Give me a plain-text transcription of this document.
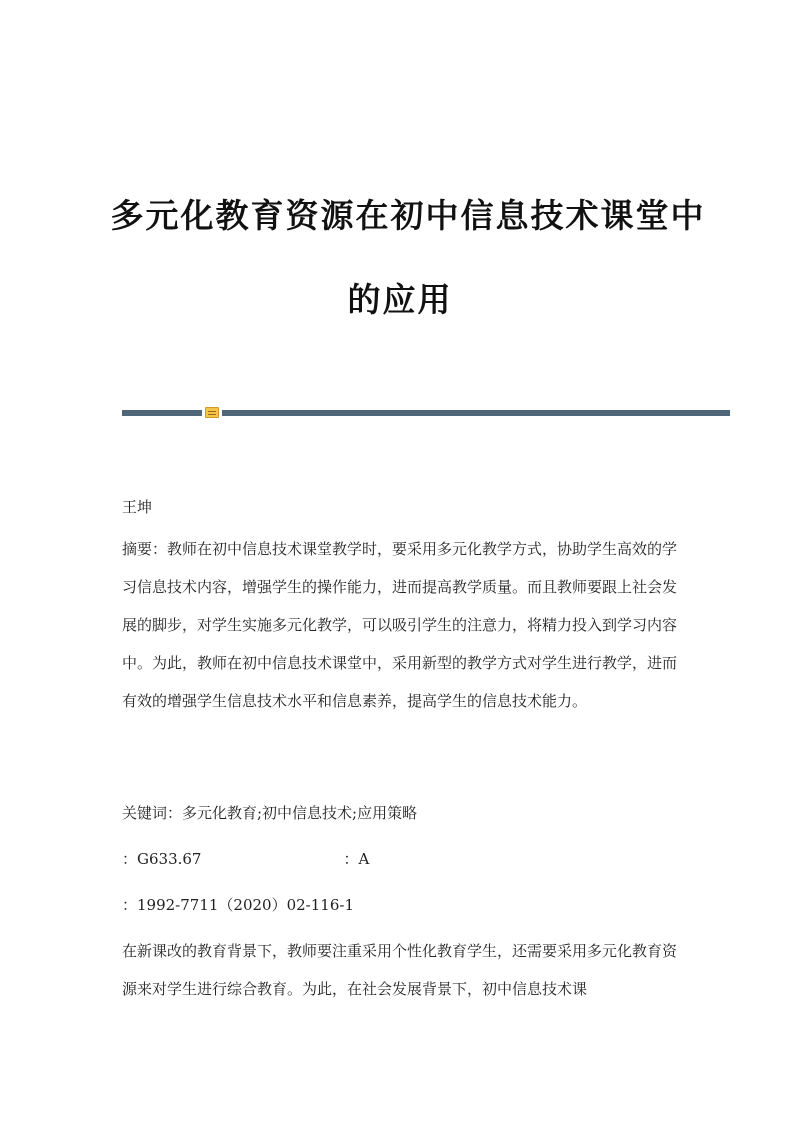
多元化教育资源在初中信息技术课堂中
的应用

王坤

摘要：教师在初中信息技术课堂教学时，要采用多元化教学方式，协助学生高效的学习信息技术内容，增强学生的操作能力，进而提高教学质量。而且教师要跟上社会发展的脚步，对学生实施多元化教学，可以吸引学生的注意力，将精力投入到学习内容中。为此，教师在初中信息技术课堂中，采用新型的教学方式对学生进行教学，进而有效的增强学生信息技术水平和信息素养，提高学生的信息技术能力。

关键词：多元化教育;初中信息技术;应用策略

：G633.67	：A

：1992-7711（2020）02-116-1

在新课改的教育背景下，教师要注重采用个性化教育学生，还需要采用多元化教育资源来对学生进行综合教育。为此，在社会发展背景下，初中信息技术课
